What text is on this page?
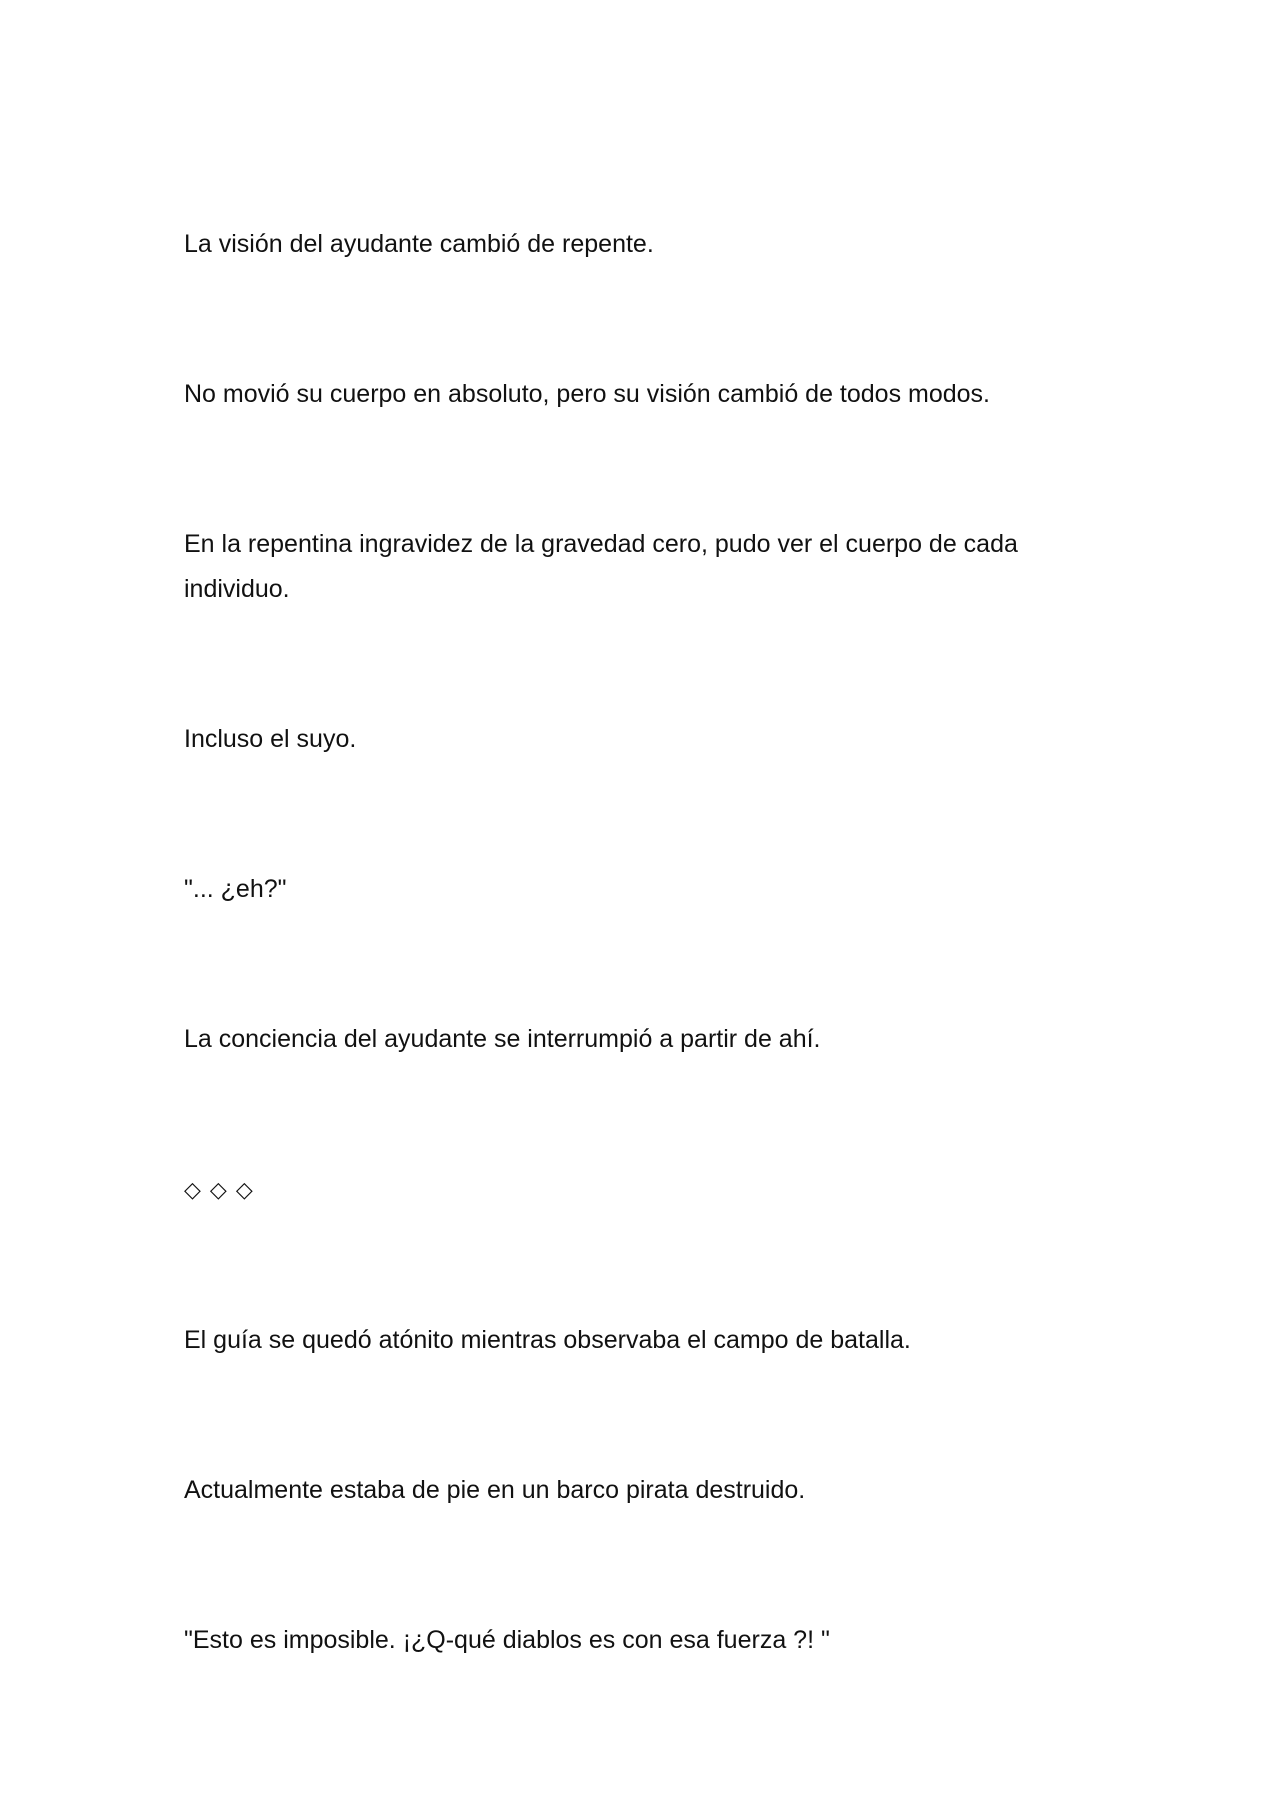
La visión del ayudante cambió de repente.

No movió su cuerpo en absoluto, pero su visión cambió de todos modos.

En la repentina ingravidez de la gravedad cero, pudo ver el cuerpo de cada
individuo.

Incluso el suyo.

"... ¿eh?"

La conciencia del ayudante se interrumpió a partir de ahí.

◇ ◇ ◇

El guía se quedó atónito mientras observaba el campo de batalla.

Actualmente estaba de pie en un barco pirata destruido.

"Esto es imposible. ¡¿Q-qué diablos es con esa fuerza ?! "
